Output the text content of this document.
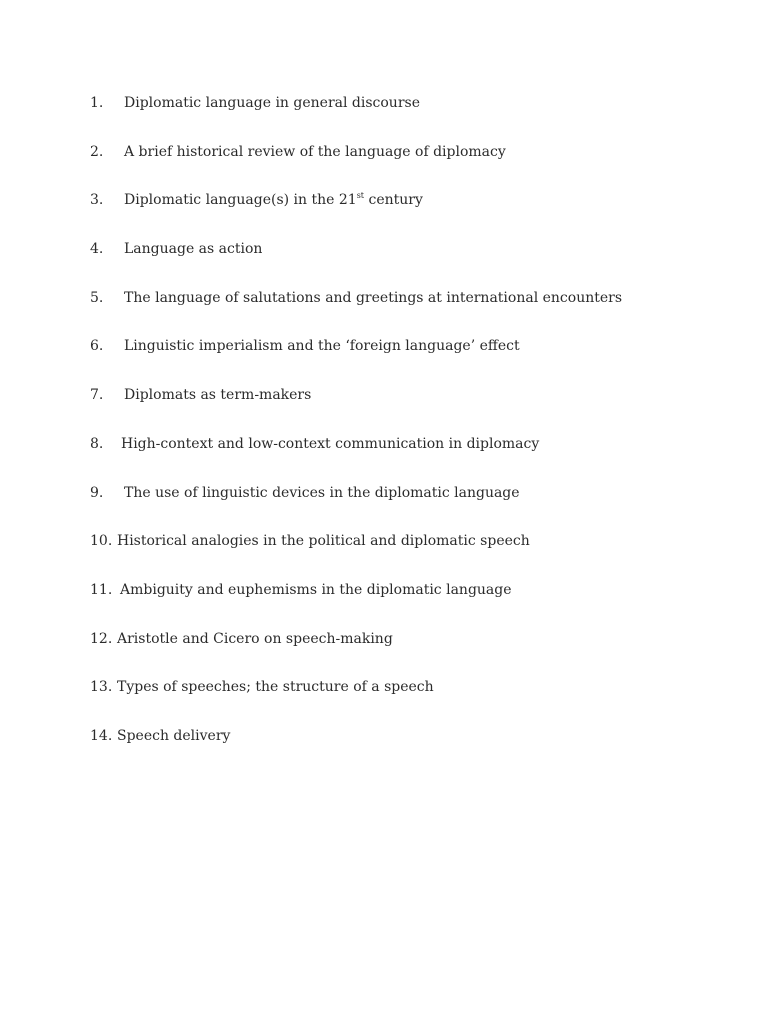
1. Diplomatic language in general discourse
2. A brief historical review of the language of diplomacy
3. Diplomatic language(s) in the 21st century
4. Language as action
5. The language of salutations and greetings at international encounters
6. Linguistic imperialism and the ‘foreign language’ effect
7. Diplomats as term-makers
8. High-context and low-context communication in diplomacy
9. The use of linguistic devices in the diplomatic language
10. Historical analogies in the political and diplomatic speech
11. Ambiguity and euphemisms in the diplomatic language
12. Aristotle and Cicero on speech-making
13. Types of speeches; the structure of a speech
14. Speech delivery
